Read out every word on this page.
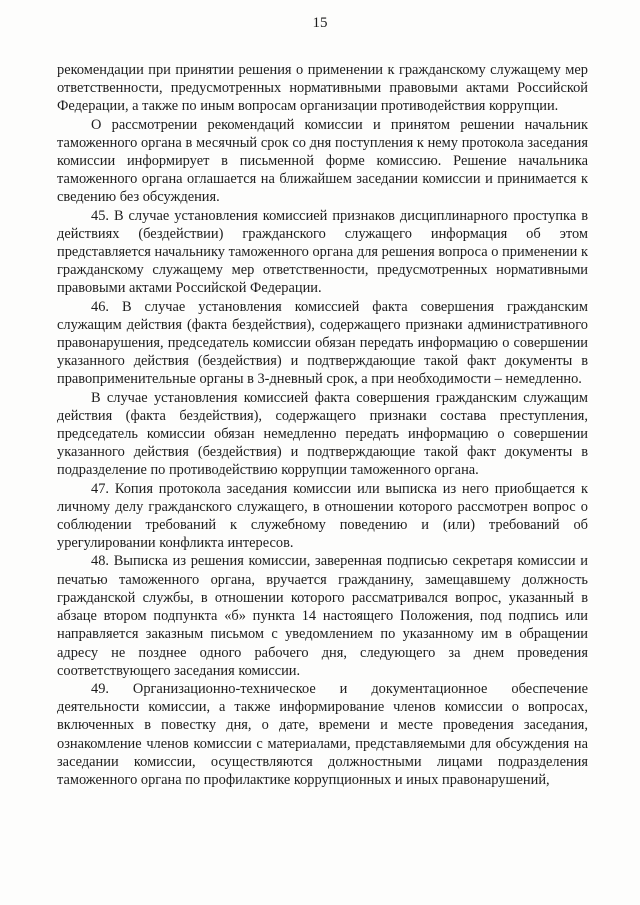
15

рекомендации при принятии решения о применении к гражданскому служащему мер ответственности, предусмотренных нормативными правовыми актами Российской Федерации, а также по иным вопросам организации противодействия коррупции.

О рассмотрении рекомендаций комиссии и принятом решении начальник таможенного органа в месячный срок со дня поступления к нему протокола заседания комиссии информирует в письменной форме комиссию. Решение начальника таможенного органа оглашается на ближайшем заседании комиссии и принимается к сведению без обсуждения.

45. В случае установления комиссией признаков дисциплинарного проступка в действиях (бездействии) гражданского служащего информация об этом представляется начальнику таможенного органа для решения вопроса о применении к гражданскому служащему мер ответственности, предусмотренных нормативными правовыми актами Российской Федерации.

46. В случае установления комиссией факта совершения гражданским служащим действия (факта бездействия), содержащего признаки административного правонарушения, председатель комиссии обязан передать информацию о совершении указанного действия (бездействия) и подтверждающие такой факт документы в правоприменительные органы в 3-дневный срок, а при необходимости – немедленно.

В случае установления комиссией факта совершения гражданским служащим действия (факта бездействия), содержащего признаки состава преступления, председатель комиссии обязан немедленно передать информацию о совершении указанного действия (бездействия) и подтверждающие такой факт документы в подразделение по противодействию коррупции таможенного органа.

47. Копия протокола заседания комиссии или выписка из него приобщается к личному делу гражданского служащего, в отношении которого рассмотрен вопрос о соблюдении требований к служебному поведению и (или) требований об урегулировании конфликта интересов.

48. Выписка из решения комиссии, заверенная подписью секретаря комиссии и печатью таможенного органа, вручается гражданину, замещавшему должность гражданской службы, в отношении которого рассматривался вопрос, указанный в абзаце втором подпункта «б» пункта 14 настоящего Положения, под подпись или направляется заказным письмом с уведомлением по указанному им в обращении адресу не позднее одного рабочего дня, следующего за днем проведения соответствующего заседания комиссии.

49. Организационно-техническое и документационное обеспечение деятельности комиссии, а также информирование членов комиссии о вопросах, включенных в повестку дня, о дате, времени и месте проведения заседания, ознакомление членов комиссии с материалами, представляемыми для обсуждения на заседании комиссии, осуществляются должностными лицами подразделения таможенного органа по профилактике коррупционных и иных правонарушений,
